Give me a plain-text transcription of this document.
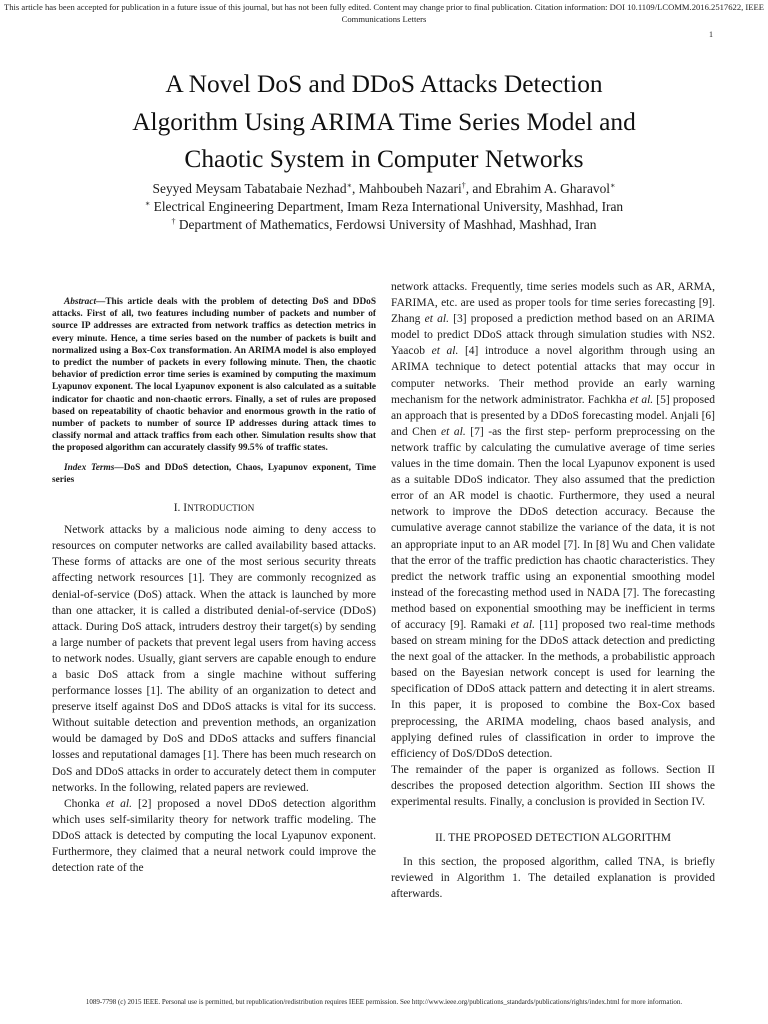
This article has been accepted for publication in a future issue of this journal, but has not been fully edited. Content may change prior to final publication. Citation information: DOI 10.1109/LCOMM.2016.2517622, IEEE
Communications Letters
1
A Novel DoS and DDoS Attacks Detection
Algorithm Using ARIMA Time Series Model and
Chaotic System in Computer Networks
Seyyed Meysam Tabatabaie Nezhad∗, Mahboubeh Nazari†, and Ebrahim A. Gharavol∗
∗ Electrical Engineering Department, Imam Reza International University, Mashhad, Iran
† Department of Mathematics, Ferdowsi University of Mashhad, Mashhad, Iran

Abstract—This article deals with the problem of detecting DoS and DDoS attacks. First of all, two features including number of packets and number of source IP addresses are extracted from network traffics as detection metrics in every minute. Hence, a time series based on the number of packets is built and normalized using a Box-Cox transformation. An ARIMA model is also employed to predict the number of packets in every following minute. Then, the chaotic behavior of prediction error time series is examined by computing the maximum Lyapunov exponent. The local Lyapunov exponent is also calculated as a suitable indicator for chaotic and non-chaotic errors. Finally, a set of rules are proposed based on repeatability of chaotic behavior and enormous growth in the ratio of number of packets to number of source IP addresses during attack times to classify normal and attack traffics from each other. Simulation results show that the proposed algorithm can accurately classify 99.5% of traffic states.

Index Terms—DoS and DDoS detection, Chaos, Lyapunov exponent, Time series

I. INTRODUCTION

Network attacks by a malicious node aiming to deny access to resources on computer networks are called availability based attacks. These forms of attacks are one of the most serious security threats affecting network resources [1]. They are commonly recognized as denial-of-service (DoS) attack. When the attack is launched by more than one attacker, it is called a distributed denial-of-service (DDoS) attack. During DoS attack, intruders destroy their target(s) by sending a large number of packets that prevent legal users from having access to network nodes. Usually, giant servers are capable enough to endure a basic DoS attack from a single machine without suffering performance losses [1]. The ability of an organization to detect and preserve itself against DoS and DDoS attacks is vital for its success. Without suitable detection and prevention methods, an organization would be damaged by DoS and DDoS attacks and suffers financial losses and reputational damages [1]. There has been much research on DoS and DDoS attacks in order to accurately detect them in computer networks. In the following, related papers are reviewed.

Chonka et al. [2] proposed a novel DDoS detection algorithm which uses self-similarity theory for network traffic modeling. The DDoS attack is detected by computing the local Lyapunov exponent. Furthermore, they claimed that a neural network could improve the detection rate of the

network attacks. Frequently, time series models such as AR, ARMA, FARIMA, etc. are used as proper tools for time series forecasting [9]. Zhang et al. [3] proposed a prediction method based on an ARIMA model to predict DDoS attack through simulation studies with NS2. Yaacob et al. [4] introduce a novel algorithm through using an ARIMA technique to detect potential attacks that may occur in computer networks. Their method provide an early warning mechanism for the network administrator. Fachkha et al. [5] proposed an approach that is presented by a DDoS forecasting model. Anjali [6] and Chen et al. [7] -as the first step- perform preprocessing on the network traffic by calculating the cumulative average of time series values in the time domain. Then the local Lyapunov exponent is used as a suitable DDoS indicator. They also assumed that the prediction error of an AR model is chaotic. Furthermore, they used a neural network to improve the DDoS detection accuracy. Because the cumulative average cannot stabilize the variance of the data, it is not an appropriate input to an AR model [7]. In [8] Wu and Chen validate that the error of the traffic prediction has chaotic characteristics. They predict the network traffic using an exponential smoothing model instead of the forecasting method used in NADA [7]. The forecasting method based on exponential smoothing may be inefficient in terms of accuracy [9]. Ramaki et al. [11] proposed two real-time methods based on stream mining for the DDoS attack detection and predicting the next goal of the attacker. In the methods, a probabilistic approach based on the Bayesian network concept is used for learning the specification of DDoS attack pattern and detecting it in alert streams. In this paper, it is proposed to combine the Box-Cox based preprocessing, the ARIMA modeling, chaos based analysis, and applying defined rules of classification in order to improve the efficiency of DoS/DDoS detection.

The remainder of the paper is organized as follows. Section II describes the proposed detection algorithm. Section III shows the experimental results. Finally, a conclusion is provided in Section IV.

II. THE PROPOSED DETECTION ALGORITHM

In this section, the proposed algorithm, called TNA, is briefly reviewed in Algorithm 1. The detailed explanation is provided afterwards.

1089-7798 (c) 2015 IEEE. Personal use is permitted, but republication/redistribution requires IEEE permission. See http://www.ieee.org/publications_standards/publications/rights/index.html for more information.
